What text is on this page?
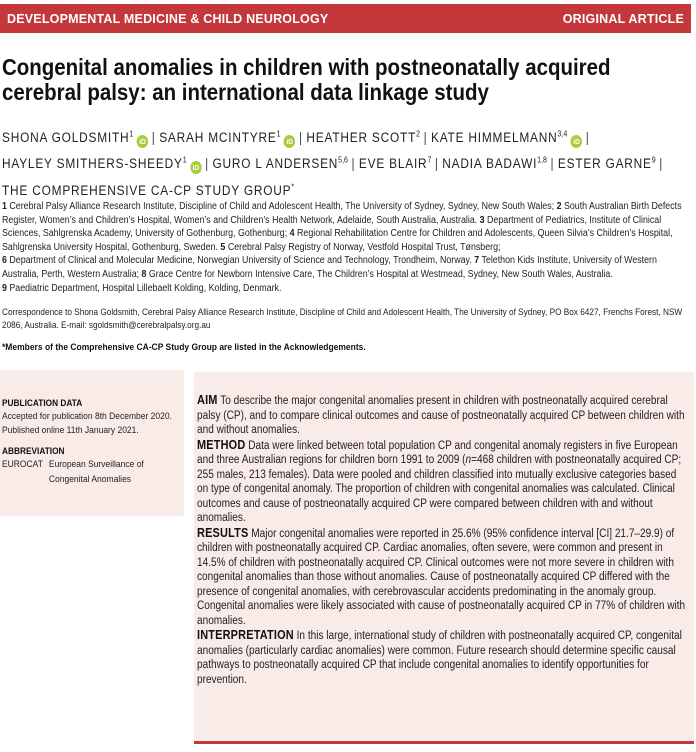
DEVELOPMENTAL MEDICINE & CHILD NEUROLOGY	ORIGINAL ARTICLE
Congenital anomalies in children with postneonatally acquired cerebral palsy: an international data linkage study
SHONA GOLDSMITH$^1$iD | SARAH MCINTYRE$^1$iD | HEATHER SCOTT$^2$ | KATE HIMMELMANN$^{3,4}$iD |
HAYLEY SMITHERS-SHEEDY$^1$iD | GURO L ANDERSEN$^{5,6}$ | EVE BLAIR$^7$ | NADIA BADAWI$^{1,8}$ | ESTER GARNE$^9$ |
THE COMPREHENSIVE CA-CP STUDY GROUP*
1 Cerebral Palsy Alliance Research Institute, Discipline of Child and Adolescent Health, The University of Sydney, Sydney, New South Wales; 2 South Australian Birth Defects Register, Women’s and Children’s Hospital, Women’s and Children’s Health Network, Adelaide, South Australia, Australia. 3 Department of Pediatrics, Institute of Clinical Sciences, Sahlgrenska Academy, University of Gothenburg, Gothenburg; 4 Regional Rehabilitation Centre for Children and Adolescents, Queen Silvia’s Children’s Hospital, Sahlgrenska University Hospital, Gothenburg, Sweden. 5 Cerebral Palsy Registry of Norway, Vestfold Hospital Trust, Tønsberg;
6 Department of Clinical and Molecular Medicine, Norwegian University of Science and Technology, Trondheim, Norway. 7 Telethon Kids Institute, University of Western Australia, Perth, Western Australia; 8 Grace Centre for Newborn Intensive Care, The Children’s Hospital at Westmead, Sydney, New South Wales, Australia.
9 Paediatric Department, Hospital Lillebaelt Kolding, Kolding, Denmark.
Correspondence to Shona Goldsmith, Cerebral Palsy Alliance Research Institute, Discipline of Child and Adolescent Health, The University of Sydney, PO Box 6427, Frenchs Forest, NSW 2086, Australia. E-mail: sgoldsmith@cerebralpalsy.org.au
*Members of the Comprehensive CA-CP Study Group are listed in the Acknowledgements.
PUBLICATION DATA
Accepted for publication 8th December 2020.
Published online 11th January 2021.
ABBREVIATION
EUROCAT European Surveillance of Congenital Anomalies

AIM To describe the major congenital anomalies present in children with postneonatally acquired cerebral palsy (CP), and to compare clinical outcomes and cause of postneonatally acquired CP between children with and without anomalies.

METHOD Data were linked between total population CP and congenital anomaly registers in five European and three Australian regions for children born 1991 to 2009 (n=468 children with postneonatally acquired CP; 255 males, 213 females). Data were pooled and children classified into mutually exclusive categories based on type of congenital anomaly. The proportion of children with congenital anomalies was calculated. Clinical outcomes and cause of postneonatally acquired CP were compared between children with and without anomalies.

RESULTS Major congenital anomalies were reported in 25.6% (95% confidence interval [CI] 21.7–29.9) of children with postneonatally acquired CP. Cardiac anomalies, often severe, were common and present in 14.5% of children with postneonatally acquired CP. Clinical outcomes were not more severe in children with congenital anomalies than those without anomalies. Cause of postneonatally acquired CP differed with the presence of congenital anomalies, with cerebrovascular accidents predominating in the anomaly group. Congenital anomalies were likely associated with cause of postneonatally acquired CP in 77% of children with anomalies.

INTERPRETATION In this large, international study of children with postneonatally acquired CP, congenital anomalies (particularly cardiac anomalies) were common. Future research should determine specific causal pathways to postneonatally acquired CP that include congenital anomalies to identify opportunities for prevention.
